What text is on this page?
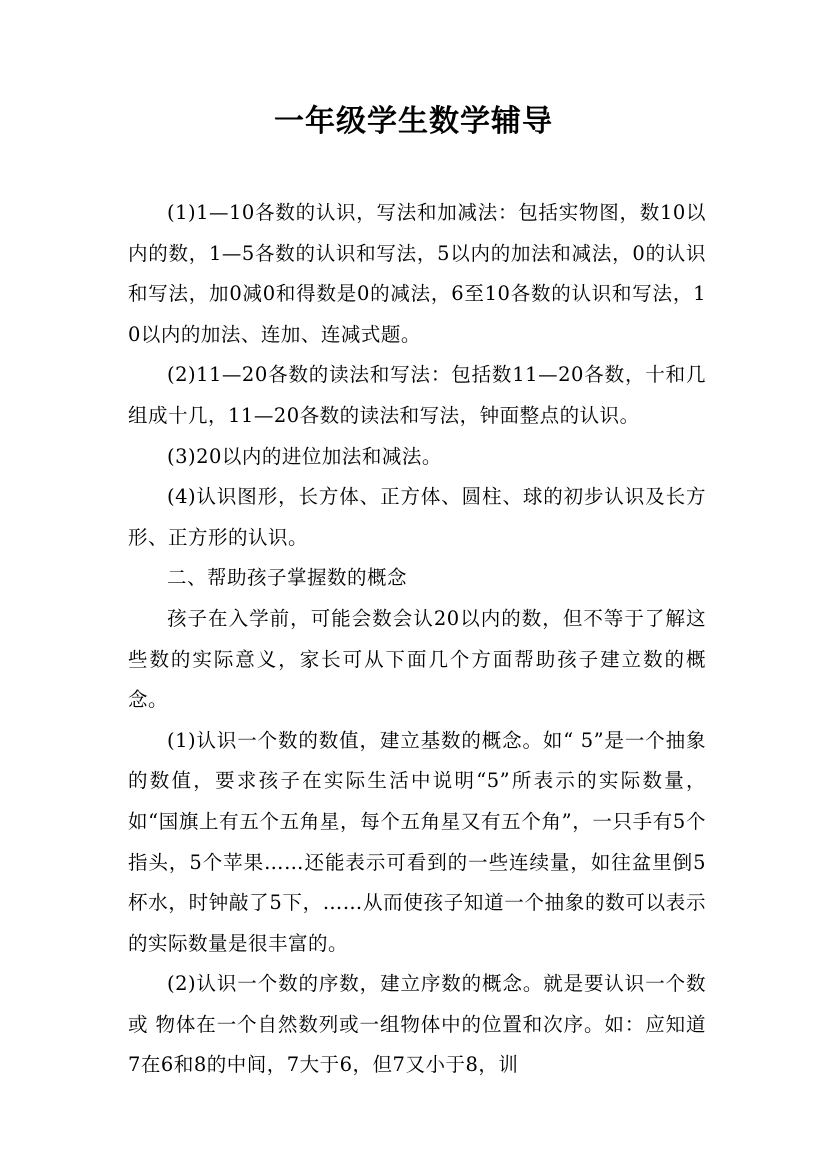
一年级学生数学辅导

(1)1—10各数的认识，写法和加减法：包括实物图，数10以内的数，1—5各数的认识和写法，5以内的加法和减法，0的认识和写法，加0减0和得数是0的减法，6至10各数的认识和写法，10以内的加法、连加、连减式题。

(2)11—20各数的读法和写法：包括数11—20各数，十和几组成十几，11—20各数的读法和写法，钟面整点的认识。

(3)20以内的进位加法和减法。

(4)认识图形，长方体、正方体、圆柱、球的初步认识及长方形、正方形的认识。

二、帮助孩子掌握数的概念

孩子在入学前，可能会数会认20以内的数，但不等于了解这些数的实际意义，家长可从下面几个方面帮助孩子建立数的概念。

(1)认识一个数的数值，建立基数的概念。如“ 5”是一个抽象的数值，要求孩子在实际生活中说明“5”所表示的实际数量，如“国旗上有五个五角星，每个五角星又有五个角”，一只手有5个指头，5个苹果……还能表示可看到的一些连续量，如往盆里倒5杯水，时钟敲了5下，……从而使孩子知道一个抽象的数可以表示的实际数量是很丰富的。

(2)认识一个数的序数，建立序数的概念。就是要认识一个数或 物体在一个自然数列或一组物体中的位置和次序。如：应知道7在6和8的中间，7大于6，但7又小于8，训
